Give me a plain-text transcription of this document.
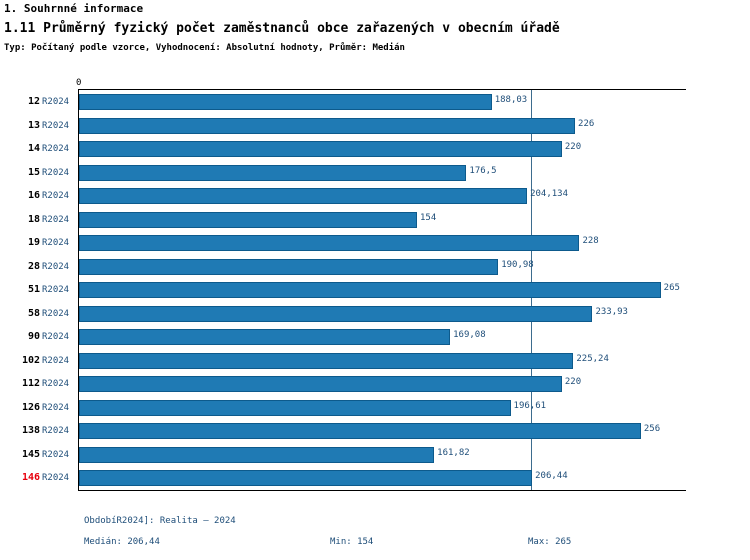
1. Souhrnné informace
1.11 Průměrný fyzický počet zaměstnanců obce zařazených v obecním úřadě
Typ: Počítaný podle vzorce, Vyhodnocení: Absolutní hodnoty, Průměr: Medián
0
188,03
226
220
176,5
204,134
154
228
190,98
265
233,93
169,08
225,24
220
196,61
256
161,82
206,44
12 R2024
13 R2024
14 R2024
15 R2024
16 R2024
18 R2024
19 R2024
28 R2024
51 R2024
58 R2024
90 R2024
102 R2024
112 R2024
126 R2024
138 R2024
145 R2024
146 R2024
ObdobíR2024]: Realita – 2024
Medián: 206,44	Min: 154	Max: 265
